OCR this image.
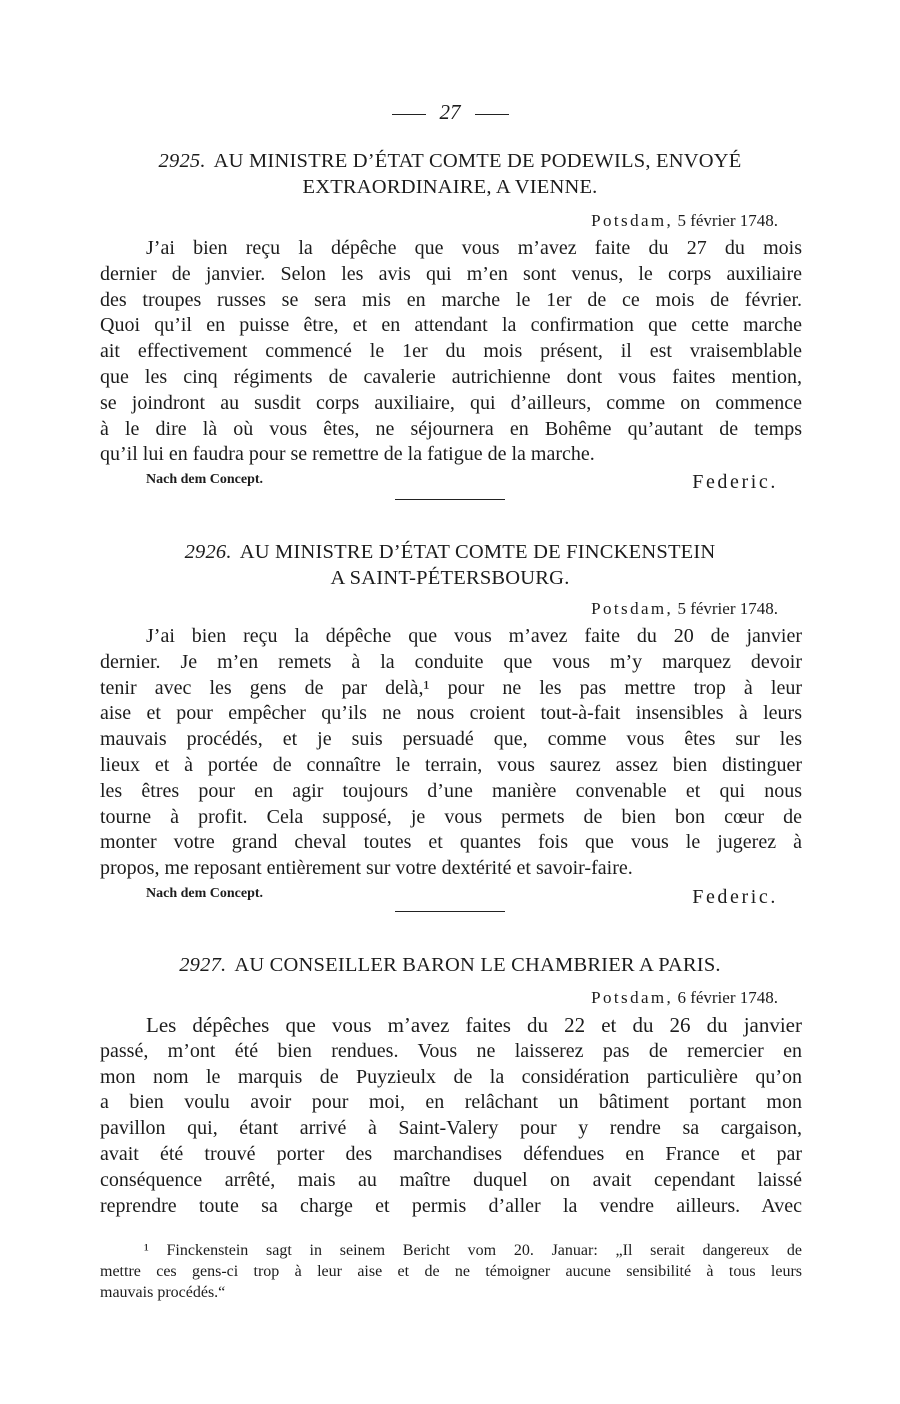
27
2925. AU MINISTRE D’ÉTAT COMTE DE PODEWILS, ENVOYÉ
EXTRAORDINAIRE, A VIENNE.
Potsdam, 5 février 1748.
J’ai bien reçu la dépêche que vous m’avez faite du 27 du mois
dernier de janvier. Selon les avis qui m’en sont venus, le corps auxiliaire
des troupes russes se sera mis en marche le 1er de ce mois de février.
Quoi qu’il en puisse être, et en attendant la confirmation que cette marche
ait effectivement commencé le 1er du mois présent, il est vraisemblable
que les cinq régiments de cavalerie autrichienne dont vous faites mention,
se joindront au susdit corps auxiliaire, qui d’ailleurs, comme on commence
à le dire là où vous êtes, ne séjournera en Bohême qu’autant de temps
qu’il lui en faudra pour se remettre de la fatigue de la marche.
Nach dem Concept.	Federic.
2926. AU MINISTRE D’ÉTAT COMTE DE FINCKENSTEIN
A SAINT-PÉTERSBOURG.
Potsdam, 5 février 1748.
J’ai bien reçu la dépêche que vous m’avez faite du 20 de janvier
dernier. Je m’en remets à la conduite que vous m’y marquez devoir
tenir avec les gens de par delà,¹ pour ne les pas mettre trop à leur
aise et pour empêcher qu’ils ne nous croient tout-à-fait insensibles à leurs
mauvais procédés, et je suis persuadé que, comme vous êtes sur les
lieux et à portée de connaître le terrain, vous saurez assez bien distinguer
les êtres pour en agir toujours d’une manière convenable et qui nous
tourne à profit. Cela supposé, je vous permets de bien bon cœur de
monter votre grand cheval toutes et quantes fois que vous le jugerez à
propos, me reposant entièrement sur votre dextérité et savoir-faire.
Nach dem Concept.	Federic.
2927. AU CONSEILLER BARON LE CHAMBRIER A PARIS.
Potsdam, 6 février 1748.
Les dépêches que vous m’avez faites du 22 et du 26 du janvier
passé, m’ont été bien rendues. Vous ne laisserez pas de remercier en
mon nom le marquis de Puyzieulx de la considération particulière qu’on
a bien voulu avoir pour moi, en relâchant un bâtiment portant mon
pavillon qui, étant arrivé à Saint-Valery pour y rendre sa cargaison,
avait été trouvé porter des marchandises défendues en France et par
conséquence arrêté, mais au maître duquel on avait cependant laissé
reprendre toute sa charge et permis d’aller la vendre ailleurs. Avec
¹ Finckenstein sagt in seinem Bericht vom 20. Januar: „Il serait dangereux de
mettre ces gens-ci trop à leur aise et de ne témoigner aucune sensibilité à tous leurs
mauvais procédés.“
